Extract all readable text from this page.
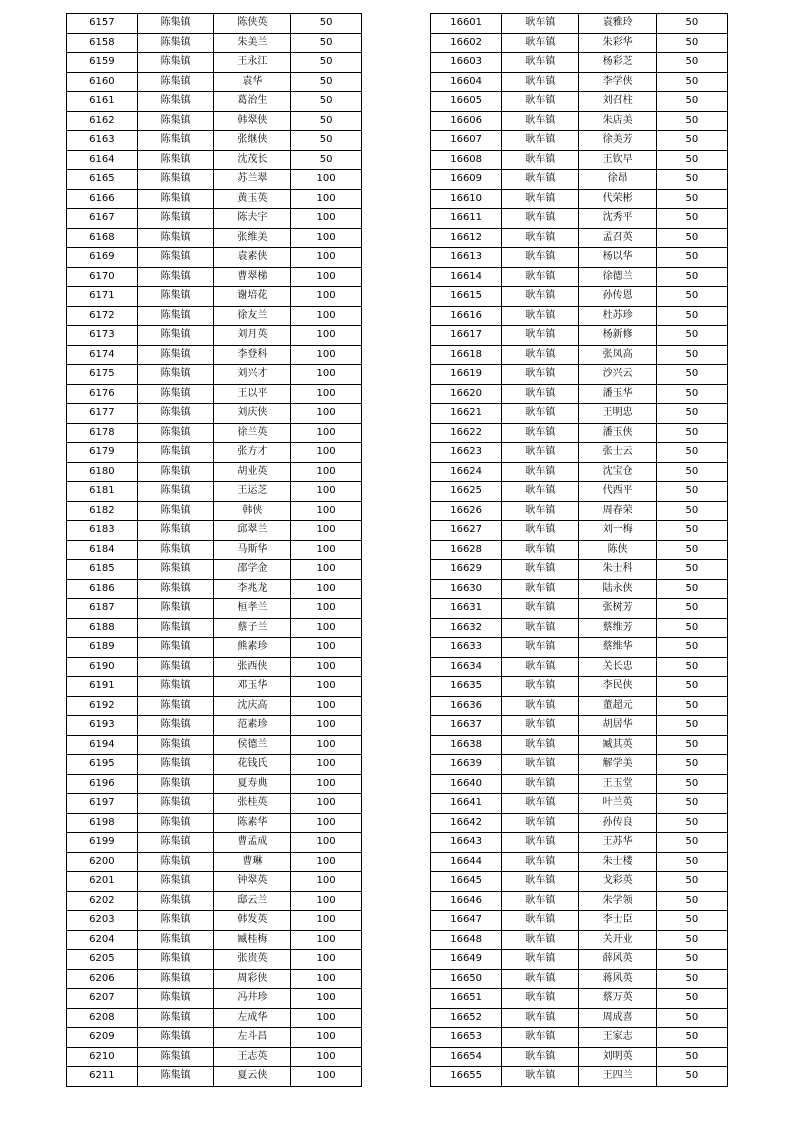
6157	陈集镇	陈侠英	50
6158	陈集镇	朱美兰	50
6159	陈集镇	王永江	50
6160	陈集镇	袁华	50
6161	陈集镇	葛治生	50
6162	陈集镇	韩翠侠	50
6163	陈集镇	张继侠	50
6164	陈集镇	沈茂长	50
6165	陈集镇	苏兰翠	100
6166	陈集镇	黄玉英	100
6167	陈集镇	陈夫宇	100
6168	陈集镇	张维美	100
6169	陈集镇	袁素侠	100
6170	陈集镇	曹翠梯	100
6171	陈集镇	谢培花	100
6172	陈集镇	徐友兰	100
6173	陈集镇	刘月英	100
6174	陈集镇	李登科	100
6175	陈集镇	刘兴才	100
6176	陈集镇	王以平	100
6177	陈集镇	刘庆侠	100
6178	陈集镇	徐兰英	100
6179	陈集镇	张方才	100
6180	陈集镇	胡业英	100
6181	陈集镇	王运芝	100
6182	陈集镇	韩侠	100
6183	陈集镇	邱翠兰	100
6184	陈集镇	马斯华	100
6185	陈集镇	邵学金	100
6186	陈集镇	李兆龙	100
6187	陈集镇	桓孝兰	100
6188	陈集镇	蔡子兰	100
6189	陈集镇	熊素珍	100
6190	陈集镇	张西侠	100
6191	陈集镇	邓玉华	100
6192	陈集镇	沈庆高	100
6193	陈集镇	范素珍	100
6194	陈集镇	侯德兰	100
6195	陈集镇	花钱氏	100
6196	陈集镇	夏寿典	100
6197	陈集镇	张桂英	100
6198	陈集镇	陈素华	100
6199	陈集镇	曹孟成	100
6200	陈集镇	曹琳	100
6201	陈集镇	钟翠英	100
6202	陈集镇	邸云兰	100
6203	陈集镇	韩发英	100
6204	陈集镇	臧桂梅	100
6205	陈集镇	张贵英	100
6206	陈集镇	周彩侠	100
6207	陈集镇	冯井珍	100
6208	陈集镇	左成华	100
6209	陈集镇	左斗昌	100
6210	陈集镇	王志英	100
6211	陈集镇	夏云侠	100
16601	耿车镇	袁雅玲	50
16602	耿车镇	朱彩华	50
16603	耿车镇	杨彩芝	50
16604	耿车镇	李学侠	50
16605	耿车镇	刘召柱	50
16606	耿车镇	朱店美	50
16607	耿车镇	徐美芳	50
16608	耿车镇	王钦早	50
16609	耿车镇	徐昂	50
16610	耿车镇	代荣彬	50
16611	耿车镇	沈秀平	50
16612	耿车镇	孟召英	50
16613	耿车镇	杨以华	50
16614	耿车镇	徐德兰	50
16615	耿车镇	孙传恩	50
16616	耿车镇	杜苏珍	50
16617	耿车镇	杨新修	50
16618	耿车镇	张凤高	50
16619	耿车镇	沙兴云	50
16620	耿车镇	潘玉华	50
16621	耿车镇	王明忠	50
16622	耿车镇	潘玉侠	50
16623	耿车镇	张士云	50
16624	耿车镇	沈宝仓	50
16625	耿车镇	代西平	50
16626	耿车镇	周春荣	50
16627	耿车镇	刘一梅	50
16628	耿车镇	陈侠	50
16629	耿车镇	朱士科	50
16630	耿车镇	陆永侠	50
16631	耿车镇	张树芳	50
16632	耿车镇	蔡维芳	50
16633	耿车镇	蔡维华	50
16634	耿车镇	关长忠	50
16635	耿车镇	李民侠	50
16636	耿车镇	董超元	50
16637	耿车镇	胡居华	50
16638	耿车镇	臧其英	50
16639	耿车镇	解学美	50
16640	耿车镇	王玉堂	50
16641	耿车镇	叶兰英	50
16642	耿车镇	孙传良	50
16643	耿车镇	王苏华	50
16644	耿车镇	朱士楼	50
16645	耿车镇	戈彩英	50
16646	耿车镇	朱学领	50
16647	耿车镇	李士臣	50
16648	耿车镇	关开业	50
16649	耿车镇	薛风英	50
16650	耿车镇	蒋风英	50
16651	耿车镇	蔡万英	50
16652	耿车镇	周成喜	50
16653	耿车镇	王家志	50
16654	耿车镇	刘明英	50
16655	耿车镇	王四兰	50
